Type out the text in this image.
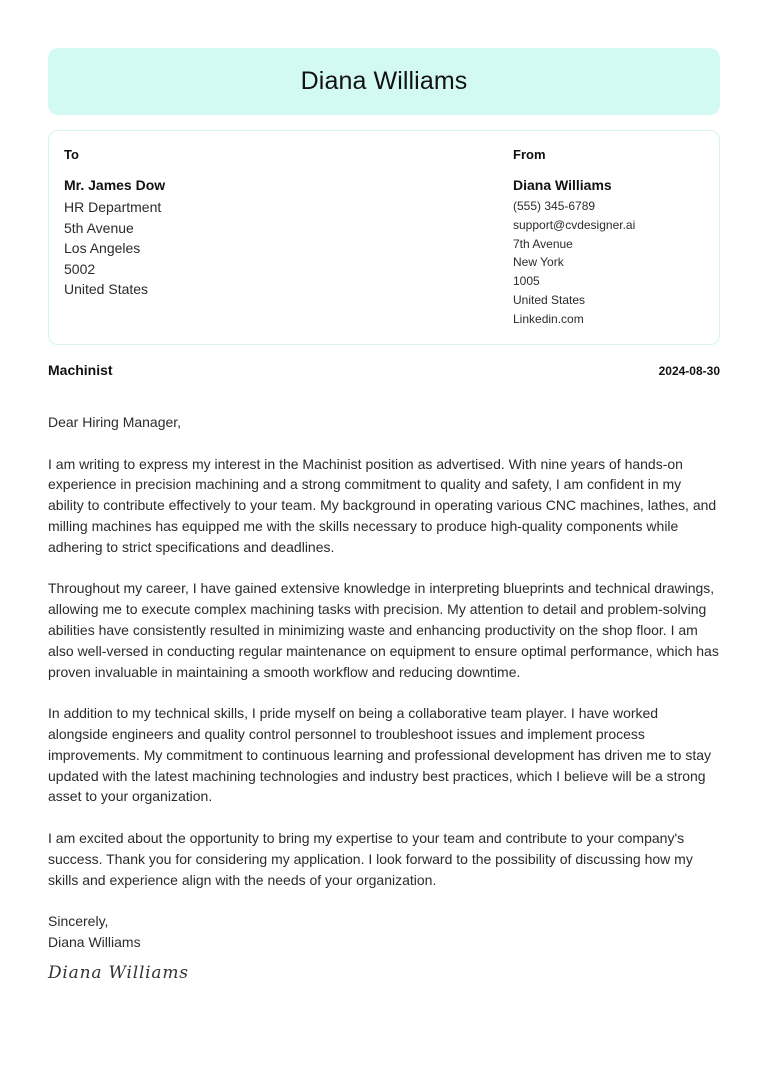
Diana Williams
To
Mr. James Dow
HR Department
5th Avenue
Los Angeles
5002
United States
From
Diana Williams
(555) 345-6789
support@cvdesigner.ai
7th Avenue
New York
1005
United States
Linkedin.com
Machinist	2024-08-30

Dear Hiring Manager,

I am writing to express my interest in the Machinist position as advertised. With nine years of hands-on experience in precision machining and a strong commitment to quality and safety, I am confident in my ability to contribute effectively to your team. My background in operating various CNC machines, lathes, and milling machines has equipped me with the skills necessary to produce high-quality components while adhering to strict specifications and deadlines.

Throughout my career, I have gained extensive knowledge in interpreting blueprints and technical drawings, allowing me to execute complex machining tasks with precision. My attention to detail and problem-solving abilities have consistently resulted in minimizing waste and enhancing productivity on the shop floor. I am also well-versed in conducting regular maintenance on equipment to ensure optimal performance, which has proven invaluable in maintaining a smooth workflow and reducing downtime.

In addition to my technical skills, I pride myself on being a collaborative team player. I have worked alongside engineers and quality control personnel to troubleshoot issues and implement process improvements. My commitment to continuous learning and professional development has driven me to stay updated with the latest machining technologies and industry best practices, which I believe will be a strong asset to your organization.

I am excited about the opportunity to bring my expertise to your team and contribute to your company's success. Thank you for considering my application. I look forward to the possibility of discussing how my skills and experience align with the needs of your organization.

Sincerely,
Diana Williams
Diana Williams
